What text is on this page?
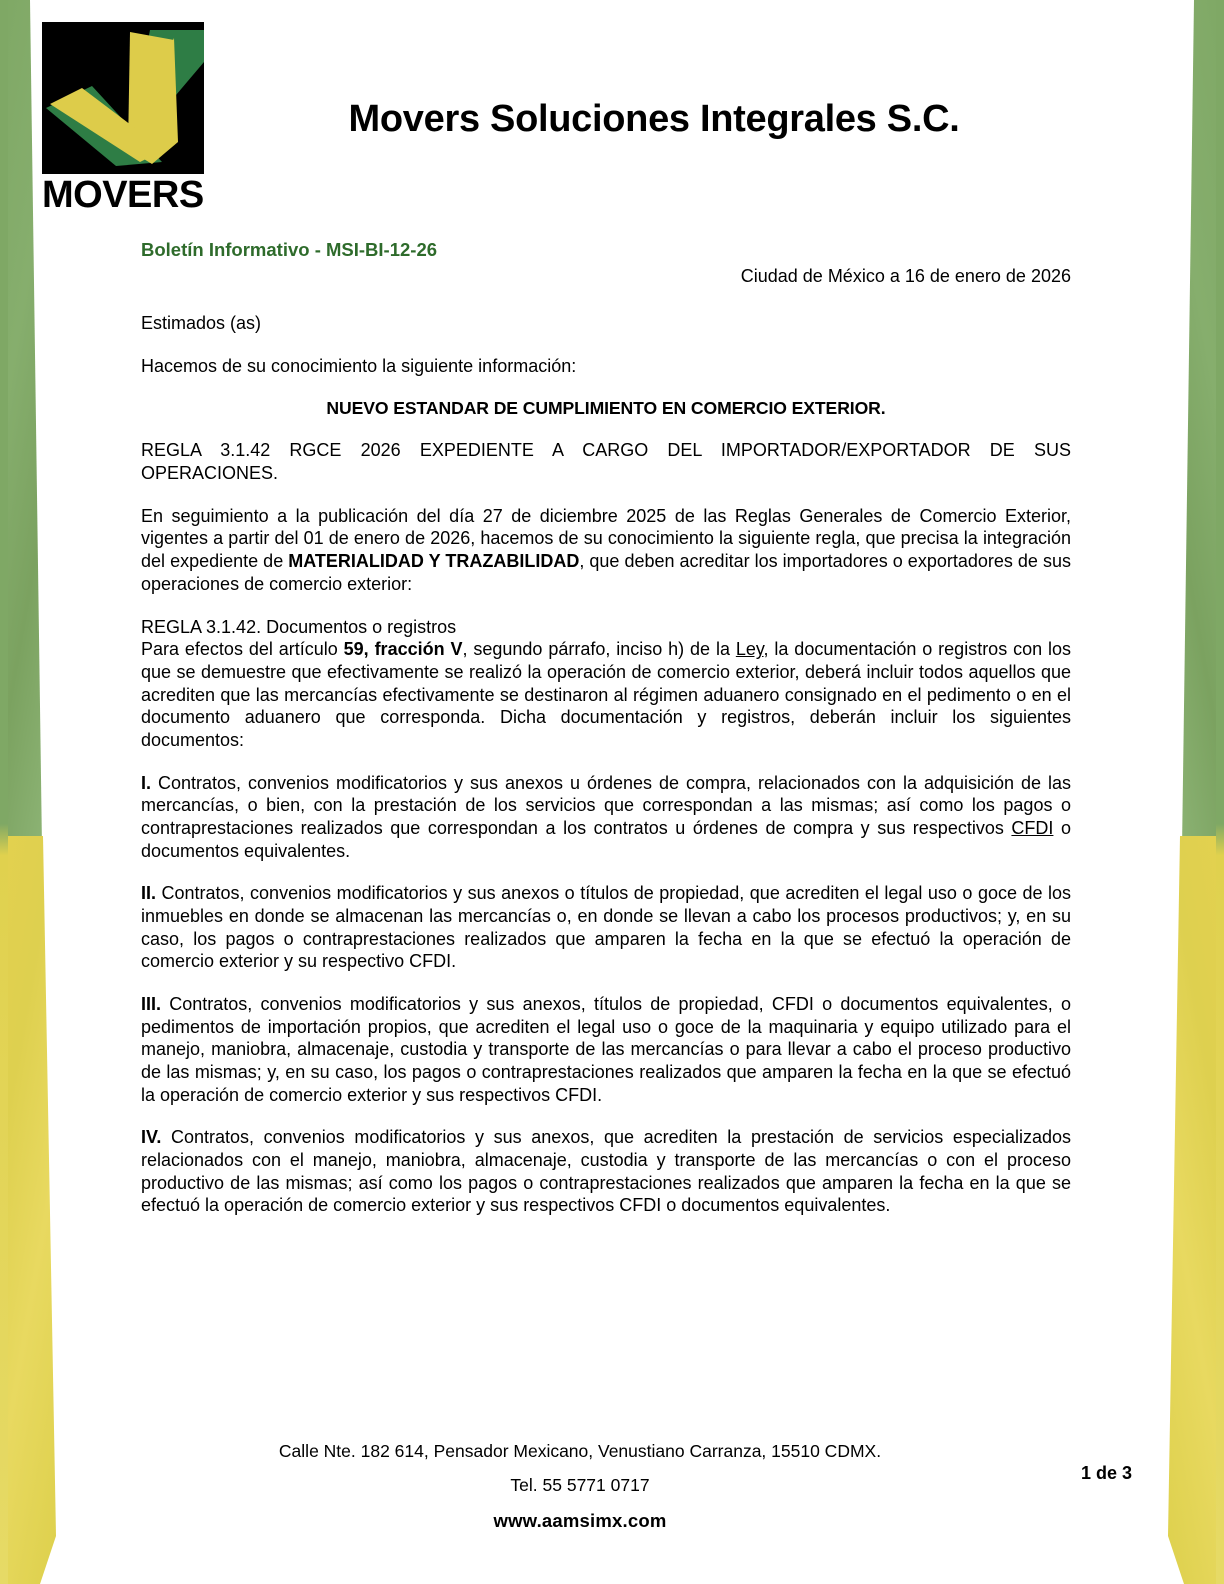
MOVERS
Movers Soluciones Integrales S.C.

Boletín Informativo - MSI-BI-12-26

Ciudad de México a 16 de enero de 2026

Estimados (as)

Hacemos de su conocimiento la siguiente información:

NUEVO ESTANDAR DE CUMPLIMIENTO EN COMERCIO EXTERIOR.

REGLA 3.1.42 RGCE 2026 EXPEDIENTE A CARGO DEL IMPORTADOR/EXPORTADOR DE SUS OPERACIONES.

En seguimiento a la publicación del día 27 de diciembre 2025 de las Reglas Generales de Comercio Exterior, vigentes a partir del 01 de enero de 2026, hacemos de su conocimiento la siguiente regla, que precisa la integración del expediente de MATERIALIDAD Y TRAZABILIDAD, que deben acreditar los importadores o exportadores de sus operaciones de comercio exterior:

REGLA 3.1.42. Documentos o registros

Para efectos del artículo 59, fracción V, segundo párrafo, inciso h) de la Ley, la documentación o registros con los que se demuestre que efectivamente se realizó la operación de comercio exterior, deberá incluir todos aquellos que acrediten que las mercancías efectivamente se destinaron al régimen aduanero consignado en el pedimento o en el documento aduanero que corresponda. Dicha documentación y registros, deberán incluir los siguientes documentos:

I. Contratos, convenios modificatorios y sus anexos u órdenes de compra, relacionados con la adquisición de las mercancías, o bien, con la prestación de los servicios que correspondan a las mismas; así como los pagos o contraprestaciones realizados que correspondan a los contratos u órdenes de compra y sus respectivos CFDI o documentos equivalentes.

II. Contratos, convenios modificatorios y sus anexos o títulos de propiedad, que acrediten el legal uso o goce de los inmuebles en donde se almacenan las mercancías o, en donde se llevan a cabo los procesos productivos; y, en su caso, los pagos o contraprestaciones realizados que amparen la fecha en la que se efectuó la operación de comercio exterior y su respectivo CFDI.

III. Contratos, convenios modificatorios y sus anexos, títulos de propiedad, CFDI o documentos equivalentes, o pedimentos de importación propios, que acrediten el legal uso o goce de la maquinaria y equipo utilizado para el manejo, maniobra, almacenaje, custodia y transporte de las mercancías o para llevar a cabo el proceso productivo de las mismas; y, en su caso, los pagos o contraprestaciones realizados que amparen la fecha en la que se efectuó la operación de comercio exterior y sus respectivos CFDI.

IV. Contratos, convenios modificatorios y sus anexos, que acrediten la prestación de servicios especializados relacionados con el manejo, maniobra, almacenaje, custodia y transporte de las mercancías o con el proceso productivo de las mismas; así como los pagos o contraprestaciones realizados que amparen la fecha en la que se efectuó la operación de comercio exterior y sus respectivos CFDI o documentos equivalentes.

Calle Nte. 182 614, Pensador Mexicano, Venustiano Carranza, 15510 CDMX.

Tel. 55 5771 0717

www.aamsimx.com

1 de 3
